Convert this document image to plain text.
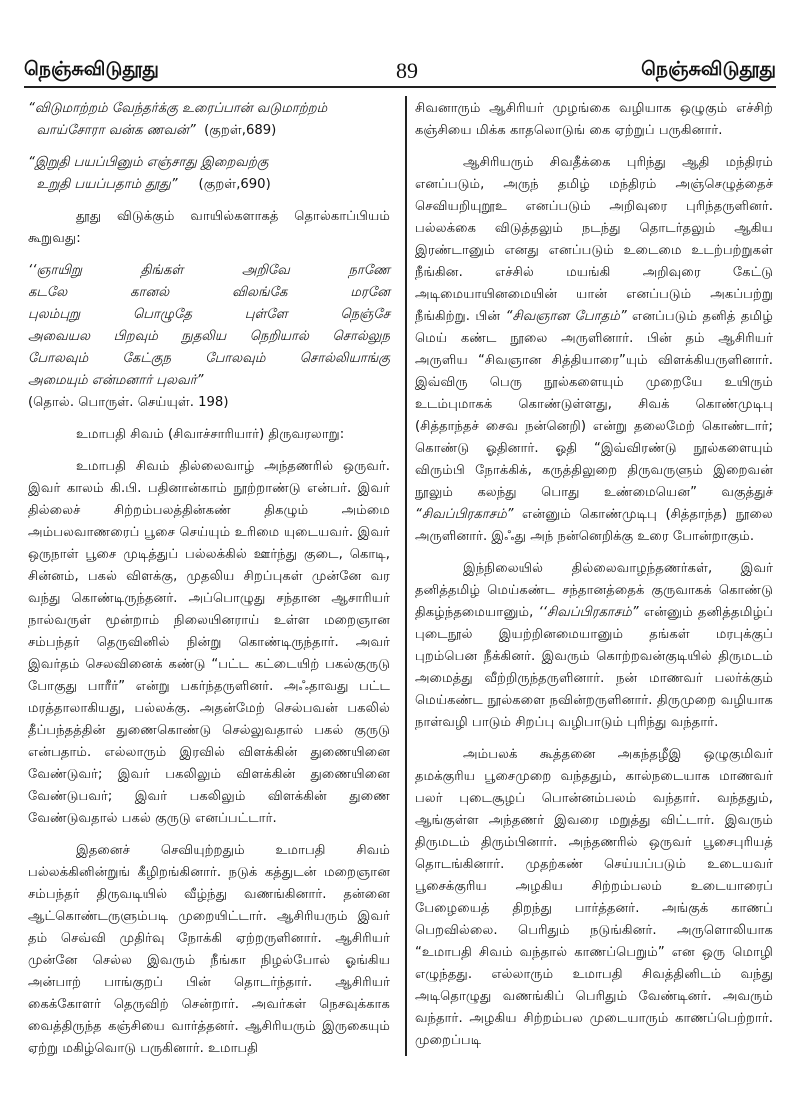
நெஞ்சுவிடுதூது	89	நெஞ்சுவிடுதூது

“விடுமாற்றம் வேந்தர்க்கு உரைப்பான் வடுமாற்றம்
வாய்சோரா வன்க ணவன்” (குறள்,689)

“இறுதி பயப்பினும் எஞ்சாது இறைவற்கு
உறுதி பயப்பதாம் தூது” (குறள்,690)

தூது விடுக்கும் வாயில்களாகத் தொல்காப்பியம் கூறுவது:

‘‘ஞாயிறு திங்கள் அறிவே நாணே
கடலே கானல் விலங்கே மரனே
புலம்புறு பொழுதே புள்ளே நெஞ்சே
அவையல பிறவும் நுதலிய நெறியால் சொல்லுந
போலவும் கேட்குந போலவும் சொல்லியாங்கு
அமையும் என்மனார் புலவர்”

(தொல். பொருள். செய்யுள். 198)

உமாபதி சிவம் (சிவாச்சாரியார்) திருவரலாறு:

உமாபதி சிவம் தில்லைவாழ் அந்தணரில் ஒருவர். இவர் காலம் கி.பி. பதினான்காம் நூற்றாண்டு என்பர். இவர் தில்லைச் சிற்றம்பலத்தின்கண் திகழும் அம்மை அம்பலவாணரைப் பூசை செய்யும் உரிமை யுடையவர். இவர் ஒருநாள் பூசை முடித்துப் பல்லக்கில் ஊர்ந்து குடை, கொடி, சின்னம், பகல் விளக்கு, முதலிய சிறப்புகள் முன்னே வர வந்து கொண்டிருந்தனர். அப்பொழுது சந்தான ஆசாரியர் நால்வருள் மூன்றாம் நிலையினராய் உள்ள மறைஞான சம்பந்தர் தெருவினில் நின்று கொண்டிருந்தார். அவர் இவர்தம் செலவினைக் கண்டு “பட்ட கட்டையிற் பகல்குருடு போகுது பாரீர்” என்று பகர்ந்தருளினர். அஃதாவது பட்ட மரத்தாலாகியது, பல்லக்கு. அதன்மேற் செல்பவன் பகலில் தீப்பந்தத்தின் துணைகொண்டு செல்லுவதால் பகல் குருடு என்பதாம். எல்லாரும் இரவில் விளக்கின் துணையினை வேண்டுவர்; இவர் பகலிலும் விளக்கின் துணையினை வேண்டுபவர்; இவர் பகலிலும் விளக்கின் துணை வேண்டுவதால் பகல் குருடு எனப்பட்டார்.

இதனைச் செவியுற்றதும் உமாபதி சிவம் பல்லக்கினின்றுங் கீழிறங்கினார். நடுக் கத்துடன் மறைஞான சம்பந்தர் திருவடியில் வீழ்ந்து வணங்கினார். தன்னை ஆட்கொண்டருளும்படி முறையிட்டார். ஆசிரியரும் இவர் தம் செவ்வி முதிர்வு நோக்கி ஏற்றருளினார். ஆசிரியர் முன்னே செல்ல இவரும் நீங்கா நிழல்போல் ஓங்கிய அன்பாற் பாங்குறப் பின் தொடர்ந்தார். ஆசிரியர் கைக்கோளர் தெருவிற் சென்றார். அவர்கள் நெசவுக்காக வைத்திருந்த கஞ்சியை வார்த்தனர். ஆசிரியரும் இருகையும் ஏற்று மகிழ்வொடு பருகினார். உமாபதி

சிவனாரும் ஆசிரியர் முழங்கை வழியாக ஒழுகும் எச்சிற் கஞ்சியை மிக்க காதலொடுங் கை ஏற்றுப் பருகினார்.

ஆசிரியரும் சிவதீக்கை புரிந்து ஆதி மந்திரம் எனப்படும், அருந் தமிழ் மந்திரம் அஞ்செழுத்தைச் செவியறியுறூஉ எனப்படும் அறிவுரை புரிந்தருளினர். பல்லக்கை விடுத்தலும் நடந்து தொடர்தலும் ஆகிய இரண்டானும் எனது எனப்படும் உடைமை உடற்பற்றுகள் நீங்கின. எச்சில் மயங்கி அறிவுரை கேட்டு அடிமையாயினமையின் யான் எனப்படும் அகப்பற்று நீங்கிற்று. பின் “சிவஞான போதம்” எனப்படும் தனித் தமிழ் மெய் கண்ட நூலை அருளினார். பின் தம் ஆசிரியர் அருளிய “சிவஞான சித்தியாரை”யும் விளக்கியருளினார். இவ்விரு பெரு நூல்களையும் முறையே உயிரும் உடம்புமாகக் கொண்டுள்ளது, சிவக் கொண்முடிபு (சித்தாந்தச் சைவ நன்னெறி) என்று தலைமேற் கொண்டார்; கொண்டு ஓதினார். ஓதி “இவ்விரண்டு நூல்களையும் விரும்பி நோக்கிக், கருத்திலுறை திருவருளும் இறைவன் நூலும் கலந்து பொது உண்மையென” வகுத்துச் “சிவப்பிரகாசம்” என்னும் கொண்முடிபு (சித்தாந்த) நூலை அருளினார். இஃது அந் நன்னெறிக்கு உரை போன்றாகும்.

இந்நிலையில் தில்லைவாழந்தணர்கள், இவர் தனித்தமிழ் மெய்கண்ட சந்தானத்தைக் குருவாகக் கொண்டு திகழ்ந்தமையானும், ‘‘சிவப்பிரகாசம்” என்னும் தனித்தமிழ்ப் புடைநூல் இயற்றினமையானும் தங்கள் மரபுக்குப் புறம்பென நீக்கினர். இவரும் கொற்றவன்குடியில் திருமடம் அமைத்து வீற்றிருந்தருளினார். நன் மாணவர் பலர்க்கும் மெய்கண்ட நூல்களை நவின்றருளினார். திருமுறை வழியாக நாள்வழி பாடும் சிறப்பு வழிபாடும் புரிந்து வந்தார்.

அம்பலக் கூத்தனை அகந்தழீஇ ஒழுகுமிவர் தமக்குரிய பூசைமுறை வந்ததும், கால்நடையாக மாணவர் பலர் புடைசூழப் பொன்னம்பலம் வந்தார். வந்ததும், ஆங்குள்ள அந்தணர் இவரை மறுத்து விட்டார். இவரும் திருமடம் திரும்பினார். அந்தணரில் ஒருவர் பூசைபுரியத் தொடங்கினார். முதற்கண் செய்யப்படும் உடையவர் பூசைக்குரிய அழகிய சிற்றம்பலம் உடையாரைப் பேழையைத் திறந்து பார்த்தனர். அங்குக் காணப் பெறவில்லை. பெரிதும் நடுங்கினர். அருளொலியாக “உமாபதி சிவம் வந்தால் காணப்பெறும்” என ஒரு மொழி எழுந்தது. எல்லாரும் உமாபதி சிவத்தினிடம் வந்து அடிதொழுது வணங்கிப் பெரிதும் வேண்டினர். அவரும் வந்தார். அழகிய சிற்றம்பல முடையாரும் காணப்பெற்றார். முறைப்படி
